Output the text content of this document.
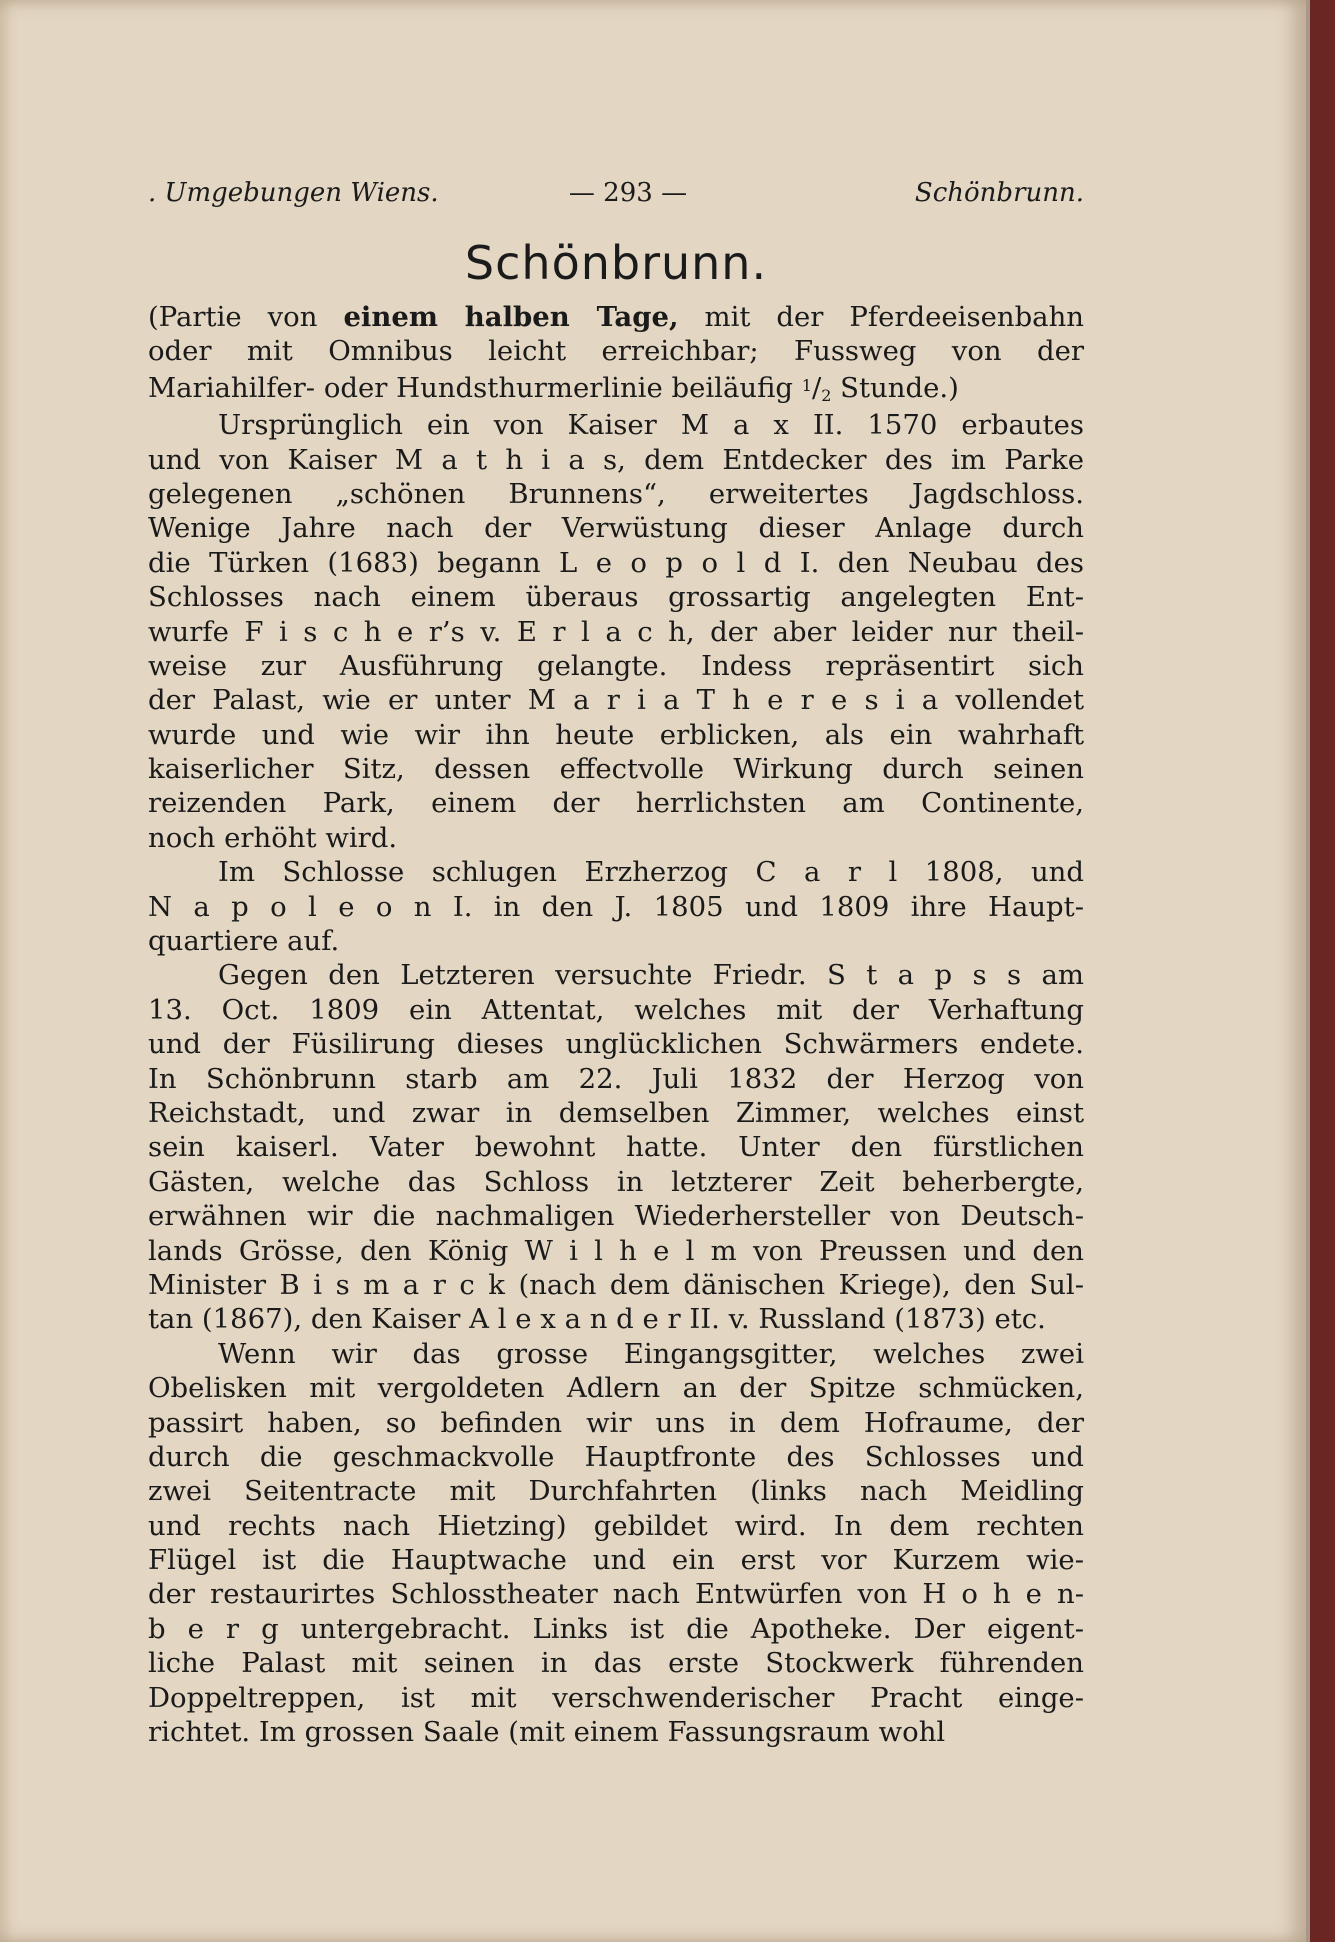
. Umgebungen Wiens.	— 293 —	Schönbrunn.
Schönbrunn.
(Partie von einem halben Tage, mit der Pferdeeisenbahn
oder mit Omnibus leicht erreichbar; Fussweg von der
Mariahilfer- oder Hundsthurmerlinie beiläufig $^1/_2$ Stunde.)
Ursprünglich ein von Kaiser M a x II. 1570 erbautes
und von Kaiser M a t h i a s, dem Entdecker des im Parke
gelegenen „schönen Brunnens“, erweitertes Jagdschloss.
Wenige Jahre nach der Verwüstung dieser Anlage durch
die Türken (1683) begann L e o p o l d I. den Neubau des
Schlosses nach einem überaus grossartig angelegten Ent-
wurfe F i s c h e r’s v. E r l a c h, der aber leider nur theil-
weise zur Ausführung gelangte. Indess repräsentirt sich
der Palast, wie er unter M a r i a T h e r e s i a vollendet
wurde und wie wir ihn heute erblicken, als ein wahrhaft
kaiserlicher Sitz, dessen effectvolle Wirkung durch seinen
reizenden Park, einem der herrlichsten am Continente,
noch erhöht wird.
Im Schlosse schlugen Erzherzog C a r l 1808, und
N a p o l e o n I. in den J. 1805 und 1809 ihre Haupt-
quartiere auf.
Gegen den Letzteren versuchte Friedr. S t a p s s am
13. Oct. 1809 ein Attentat, welches mit der Verhaftung
und der Füsilirung dieses unglücklichen Schwärmers endete.
In Schönbrunn starb am 22. Juli 1832 der Herzog von
Reichstadt, und zwar in demselben Zimmer, welches einst
sein kaiserl. Vater bewohnt hatte. Unter den fürstlichen
Gästen, welche das Schloss in letzterer Zeit beherbergte,
erwähnen wir die nachmaligen Wiederhersteller von Deutsch-
lands Grösse, den König W i l h e l m von Preussen und den
Minister B i s m a r c k (nach dem dänischen Kriege), den Sul-
tan (1867), den Kaiser A l e x a n d e r II. v. Russland (1873) etc.
Wenn wir das grosse Eingangsgitter, welches zwei
Obelisken mit vergoldeten Adlern an der Spitze schmücken,
passirt haben, so befinden wir uns in dem Hofraume, der
durch die geschmackvolle Hauptfronte des Schlosses und
zwei Seitentracte mit Durchfahrten (links nach Meidling
und rechts nach Hietzing) gebildet wird. In dem rechten
Flügel ist die Hauptwache und ein erst vor Kurzem wie-
der restaurirtes Schlosstheater nach Entwürfen von H o h e n-
b e r g untergebracht. Links ist die Apotheke. Der eigent-
liche Palast mit seinen in das erste Stockwerk führenden
Doppeltreppen, ist mit verschwenderischer Pracht einge-
richtet. Im grossen Saale (mit einem Fassungsraum wohl
